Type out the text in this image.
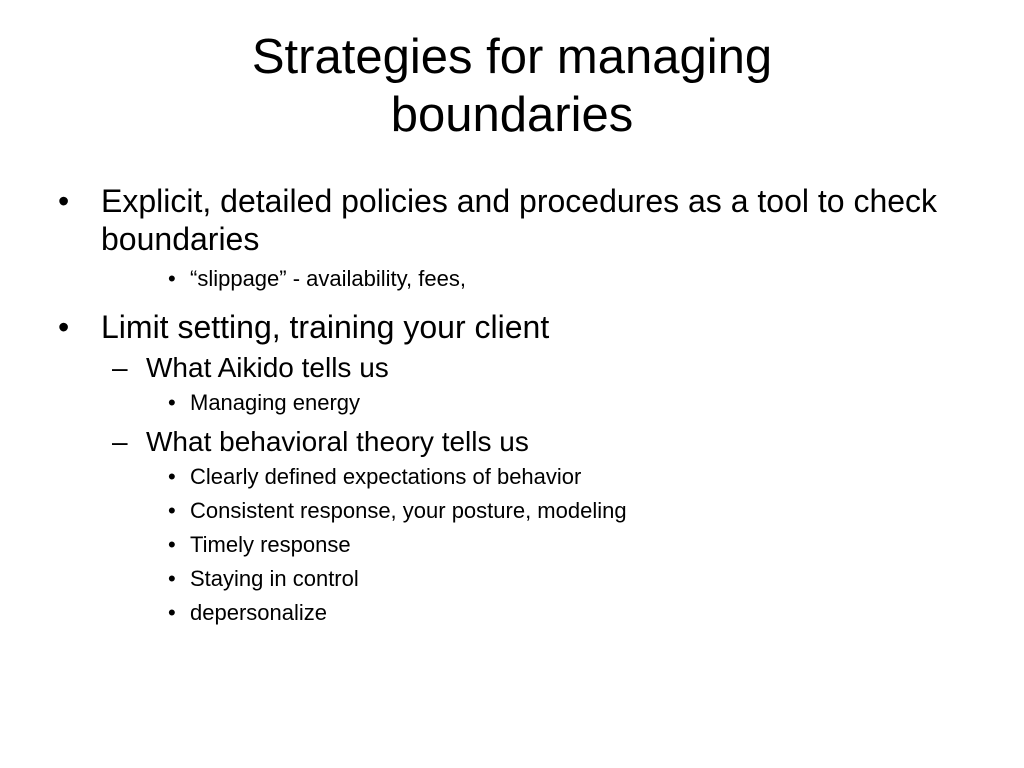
Strategies for managing boundaries
• Explicit, detailed policies and procedures as a tool to check boundaries
• “slippage” - availability, fees,
• Limit setting, training your client
– What Aikido tells us
• Managing energy
– What behavioral theory tells us
• Clearly defined expectations of behavior
• Consistent response, your posture, modeling
• Timely response
• Staying in control
• depersonalize
